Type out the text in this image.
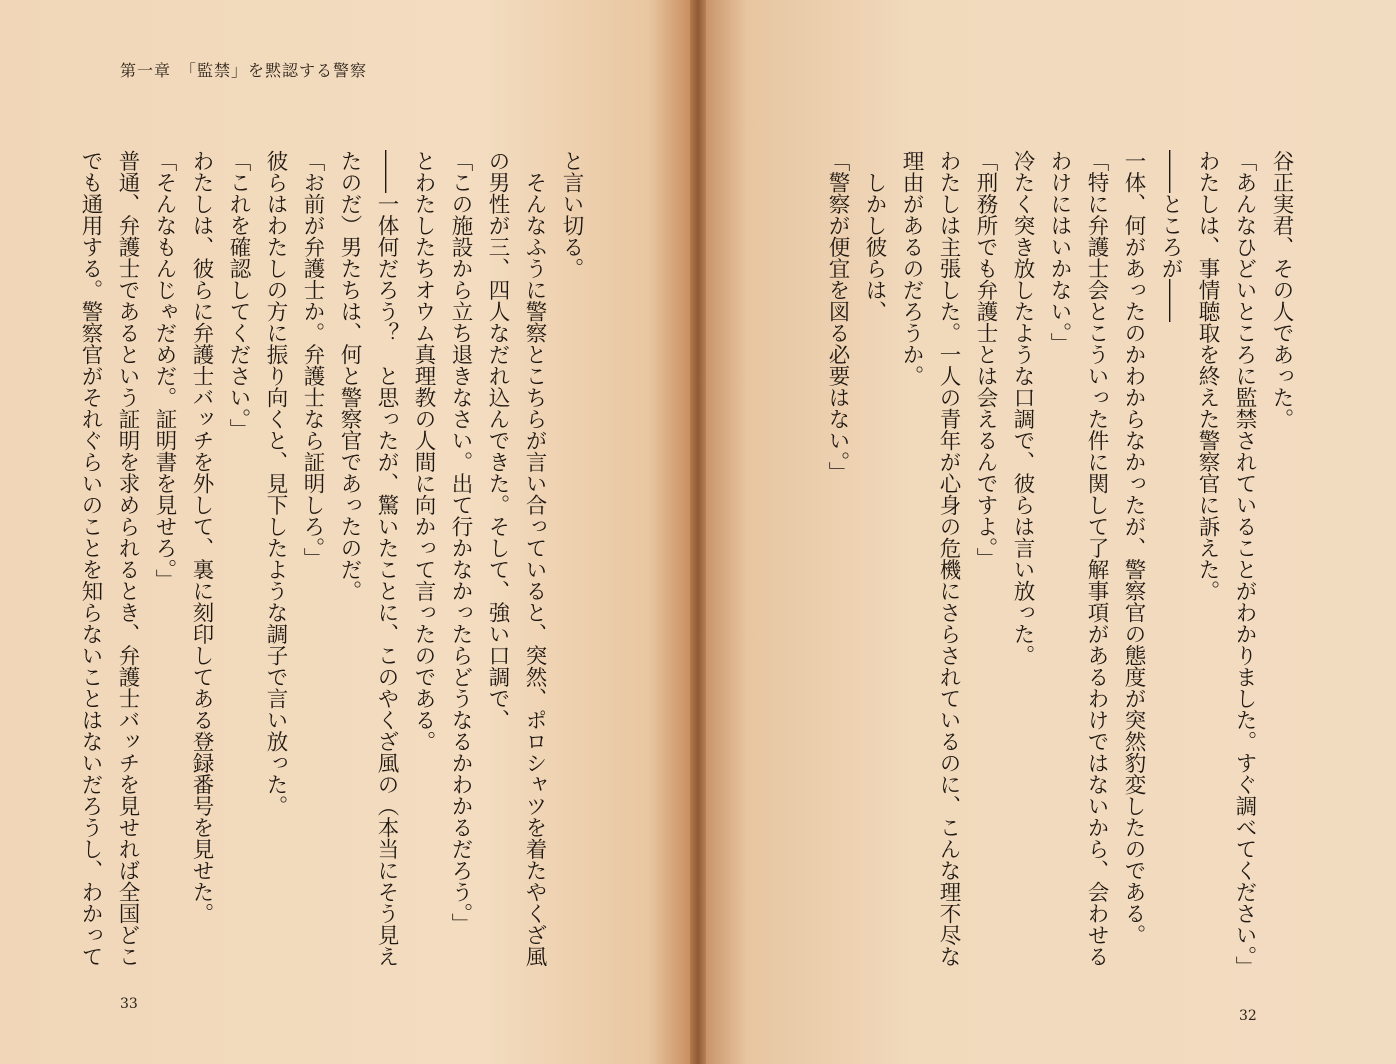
第一章　「監禁」を黙認する警察
と言い切る。
　そんなふうに警察とこちらが言い合っていると、突然、ポロシャツを着たやくざ風
の男性が三、四人なだれ込んできた。そして、強い口調で、
「この施設から立ち退きなさい。出て行かなかったらどうなるかわかるだろう。」
とわたしたちオウム真理教の人間に向かって言ったのである。
――一体何だろう？　と思ったが、驚いたことに、このやくざ風の（本当にそう見え
たのだ）男たちは、何と警察官であったのだ。
「お前が弁護士か。弁護士なら証明しろ。」
彼らはわたしの方に振り向くと、見下したような調子で言い放った。
「これを確認してください。」
わたしは、彼らに弁護士バッチを外して、裏に刻印してある登録番号を見せた。
「そんなもんじゃだめだ。証明書を見せろ。」
普通、弁護士であるという証明を求められるとき、弁護士バッチを見せれば全国どこ
でも通用する。警察官がそれぐらいのことを知らないことはないだろうし、わかって
33
谷正実君、その人であった。
「あんなひどいところに監禁されていることがわかりました。すぐ調べてください。」
わたしは、事情聴取を終えた警察官に訴えた。
――ところが――
一体、何があったのかわからなかったが、警察官の態度が突然豹変したのである。
「特に弁護士会とこういった件に関して了解事項があるわけではないから、会わせる
わけにはいかない。」
冷たく突き放したような口調で、彼らは言い放った。
「刑務所でも弁護士とは会えるんですよ。」
わたしは主張した。一人の青年が心身の危機にさらされているのに、こんな理不尽な
理由があるのだろうか。
　しかし彼らは、
「警察が便宜を図る必要はない。」
32
